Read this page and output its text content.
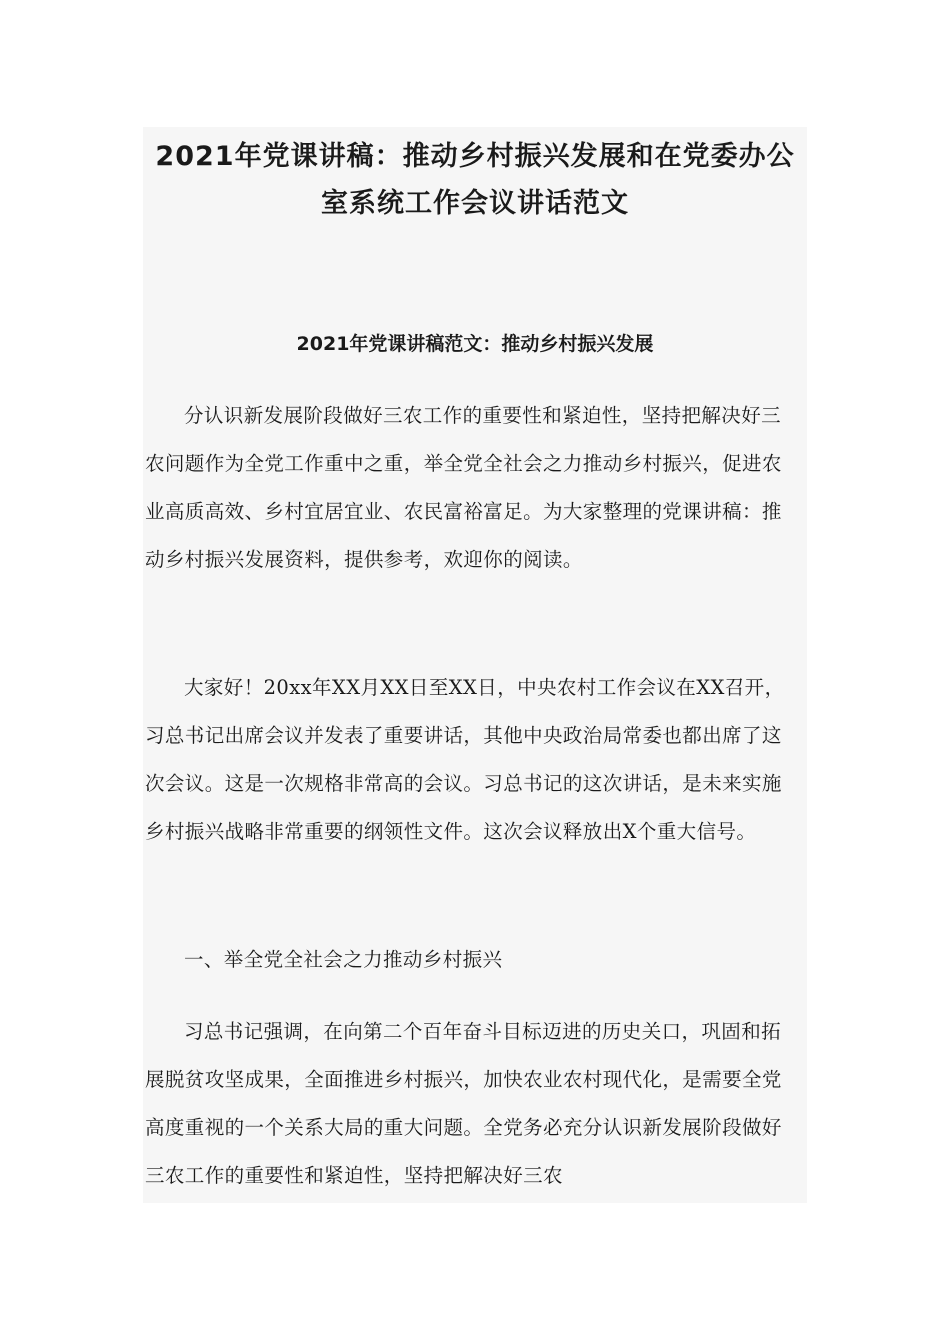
2021年党课讲稿：推动乡村振兴发展和在党委办公室系统工作会议讲话范文
2021年党课讲稿范文：推动乡村振兴发展

分认识新发展阶段做好三农工作的重要性和紧迫性，坚持把解决好三农问题作为全党工作重中之重，举全党全社会之力推动乡村振兴，促进农业高质高效、乡村宜居宜业、农民富裕富足。为大家整理的党课讲稿：推动乡村振兴发展资料，提供参考，欢迎你的阅读。

大家好！20xx年XX月XX日至XX日，中央农村工作会议在XX召开，习总书记出席会议并发表了重要讲话，其他中央政治局常委也都出席了这次会议。这是一次规格非常高的会议。习总书记的这次讲话，是未来实施乡村振兴战略非常重要的纲领性文件。这次会议释放出X个重大信号。

一、举全党全社会之力推动乡村振兴

习总书记强调，在向第二个百年奋斗目标迈进的历史关口，巩固和拓展脱贫攻坚成果，全面推进乡村振兴，加快农业农村现代化，是需要全党高度重视的一个关系大局的重大问题。全党务必充分认识新发展阶段做好三农工作的重要性和紧迫性，坚持把解决好三农
